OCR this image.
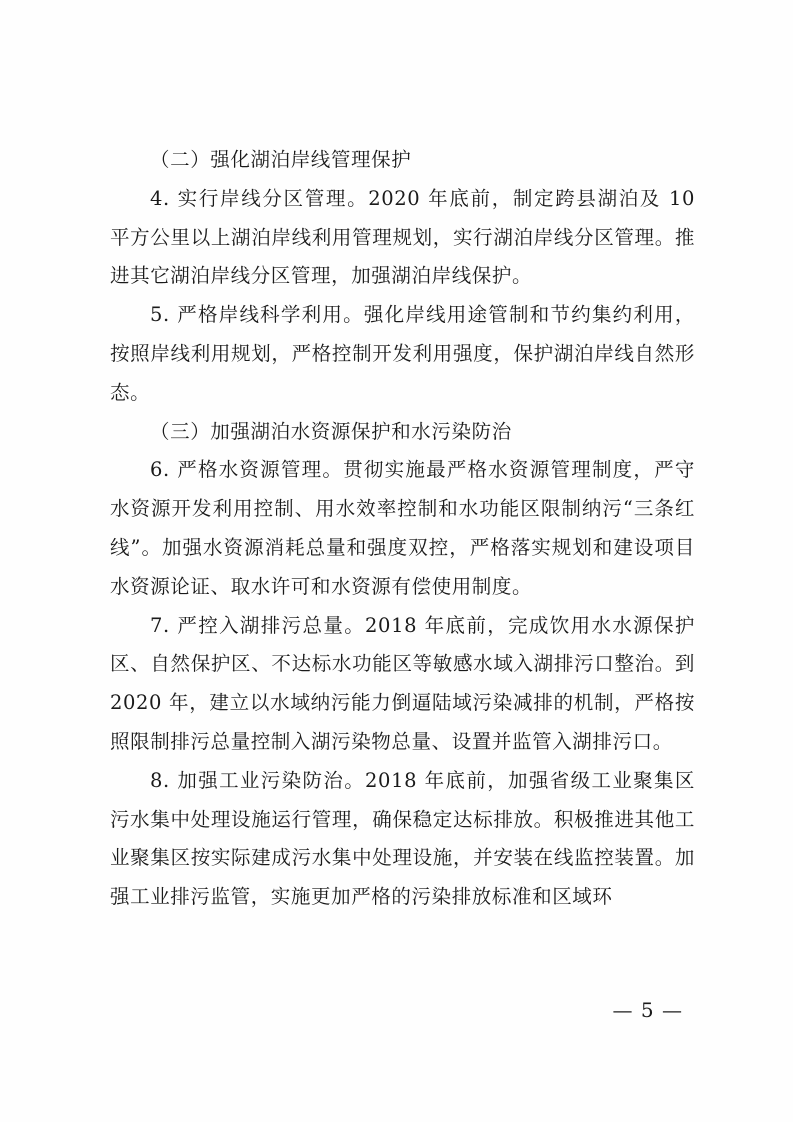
（二）强化湖泊岸线管理保护

4. 实行岸线分区管理。2020 年底前，制定跨县湖泊及 10 平方公里以上湖泊岸线利用管理规划，实行湖泊岸线分区管理。推进其它湖泊岸线分区管理，加强湖泊岸线保护。

5. 严格岸线科学利用。强化岸线用途管制和节约集约利用，按照岸线利用规划，严格控制开发利用强度，保护湖泊岸线自然形态。

（三）加强湖泊水资源保护和水污染防治

6. 严格水资源管理。贯彻实施最严格水资源管理制度，严守水资源开发利用控制、用水效率控制和水功能区限制纳污“三条红线”。加强水资源消耗总量和强度双控，严格落实规划和建设项目水资源论证、取水许可和水资源有偿使用制度。

7. 严控入湖排污总量。2018 年底前，完成饮用水水源保护区、自然保护区、不达标水功能区等敏感水域入湖排污口整治。到 2020 年，建立以水域纳污能力倒逼陆域污染减排的机制，严格按照限制排污总量控制入湖污染物总量、设置并监管入湖排污口。

8. 加强工业污染防治。2018 年底前，加强省级工业聚集区污水集中处理设施运行管理，确保稳定达标排放。积极推进其他工业聚集区按实际建成污水集中处理设施，并安装在线监控装置。加强工业排污监管，实施更加严格的污染排放标准和区域环

— 5 —
